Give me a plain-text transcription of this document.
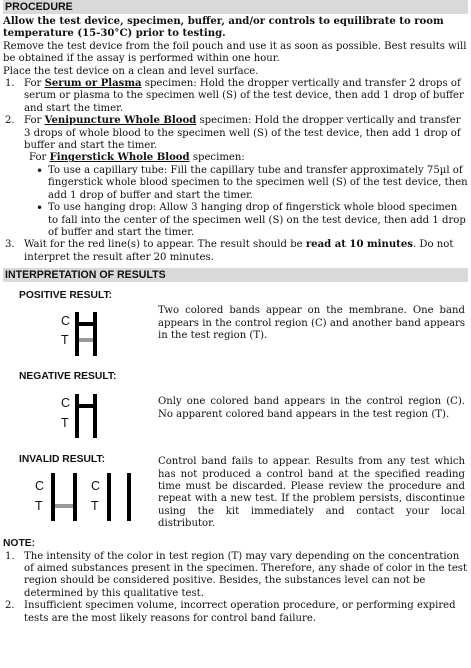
PROCEDURE

Allow the test device, specimen, buffer, and/or controls to equilibrate to room temperature (15-30°C) prior to testing.

Remove the test device from the foil pouch and use it as soon as possible. Best results will be obtained if the assay is performed within one hour.

Place the test device on a clean and level surface.

1. For Serum or Plasma specimen: Hold the dropper vertically and transfer 2 drops of serum or plasma to the specimen well (S) of the test device, then add 1 drop of buffer and start the timer.
2. For Venipuncture Whole Blood specimen: Hold the dropper vertically and transfer 3 drops of whole blood to the specimen well (S) of the test device, then add 1 drop of buffer and start the timer.
For Fingerstick Whole Blood specimen:
• To use a capillary tube: Fill the capillary tube and transfer approximately 75µl of fingerstick whole blood specimen to the specimen well (S) of the test device, then add 1 drop of buffer and start the timer.
• To use hanging drop: Allow 3 hanging drop of fingerstick whole blood specimen to fall into the center of the specimen well (S) on the test device, then add 1 drop of buffer and start the timer.
3. Wait for the red line(s) to appear. The result should be read at 10 minutes. Do not interpret the result after 20 minutes.
INTERPRETATION OF RESULTS
POSITIVE RESULT:
C
T
Two colored bands appear on the membrane. One band appears in the control region (C) and another band appears in the test region (T).
NEGATIVE RESULT:
C
T
Only one colored band appears in the control region (C). No apparent colored band appears in the test region (T).
INVALID RESULT:
C
T
C
T
Control band fails to appear. Results from any test which has not produced a control band at the specified reading time must be discarded. Please review the procedure and repeat with a new test. If the problem persists, discontinue using the kit immediately and contact your local distributor.
NOTE:
1. The intensity of the color in test region (T) may vary depending on the concentration of aimed substances present in the specimen. Therefore, any shade of color in the test region should be considered positive. Besides, the substances level can not be determined by this qualitative test.
2. Insufficient specimen volume, incorrect operation procedure, or performing expired tests are the most likely reasons for control band failure.
